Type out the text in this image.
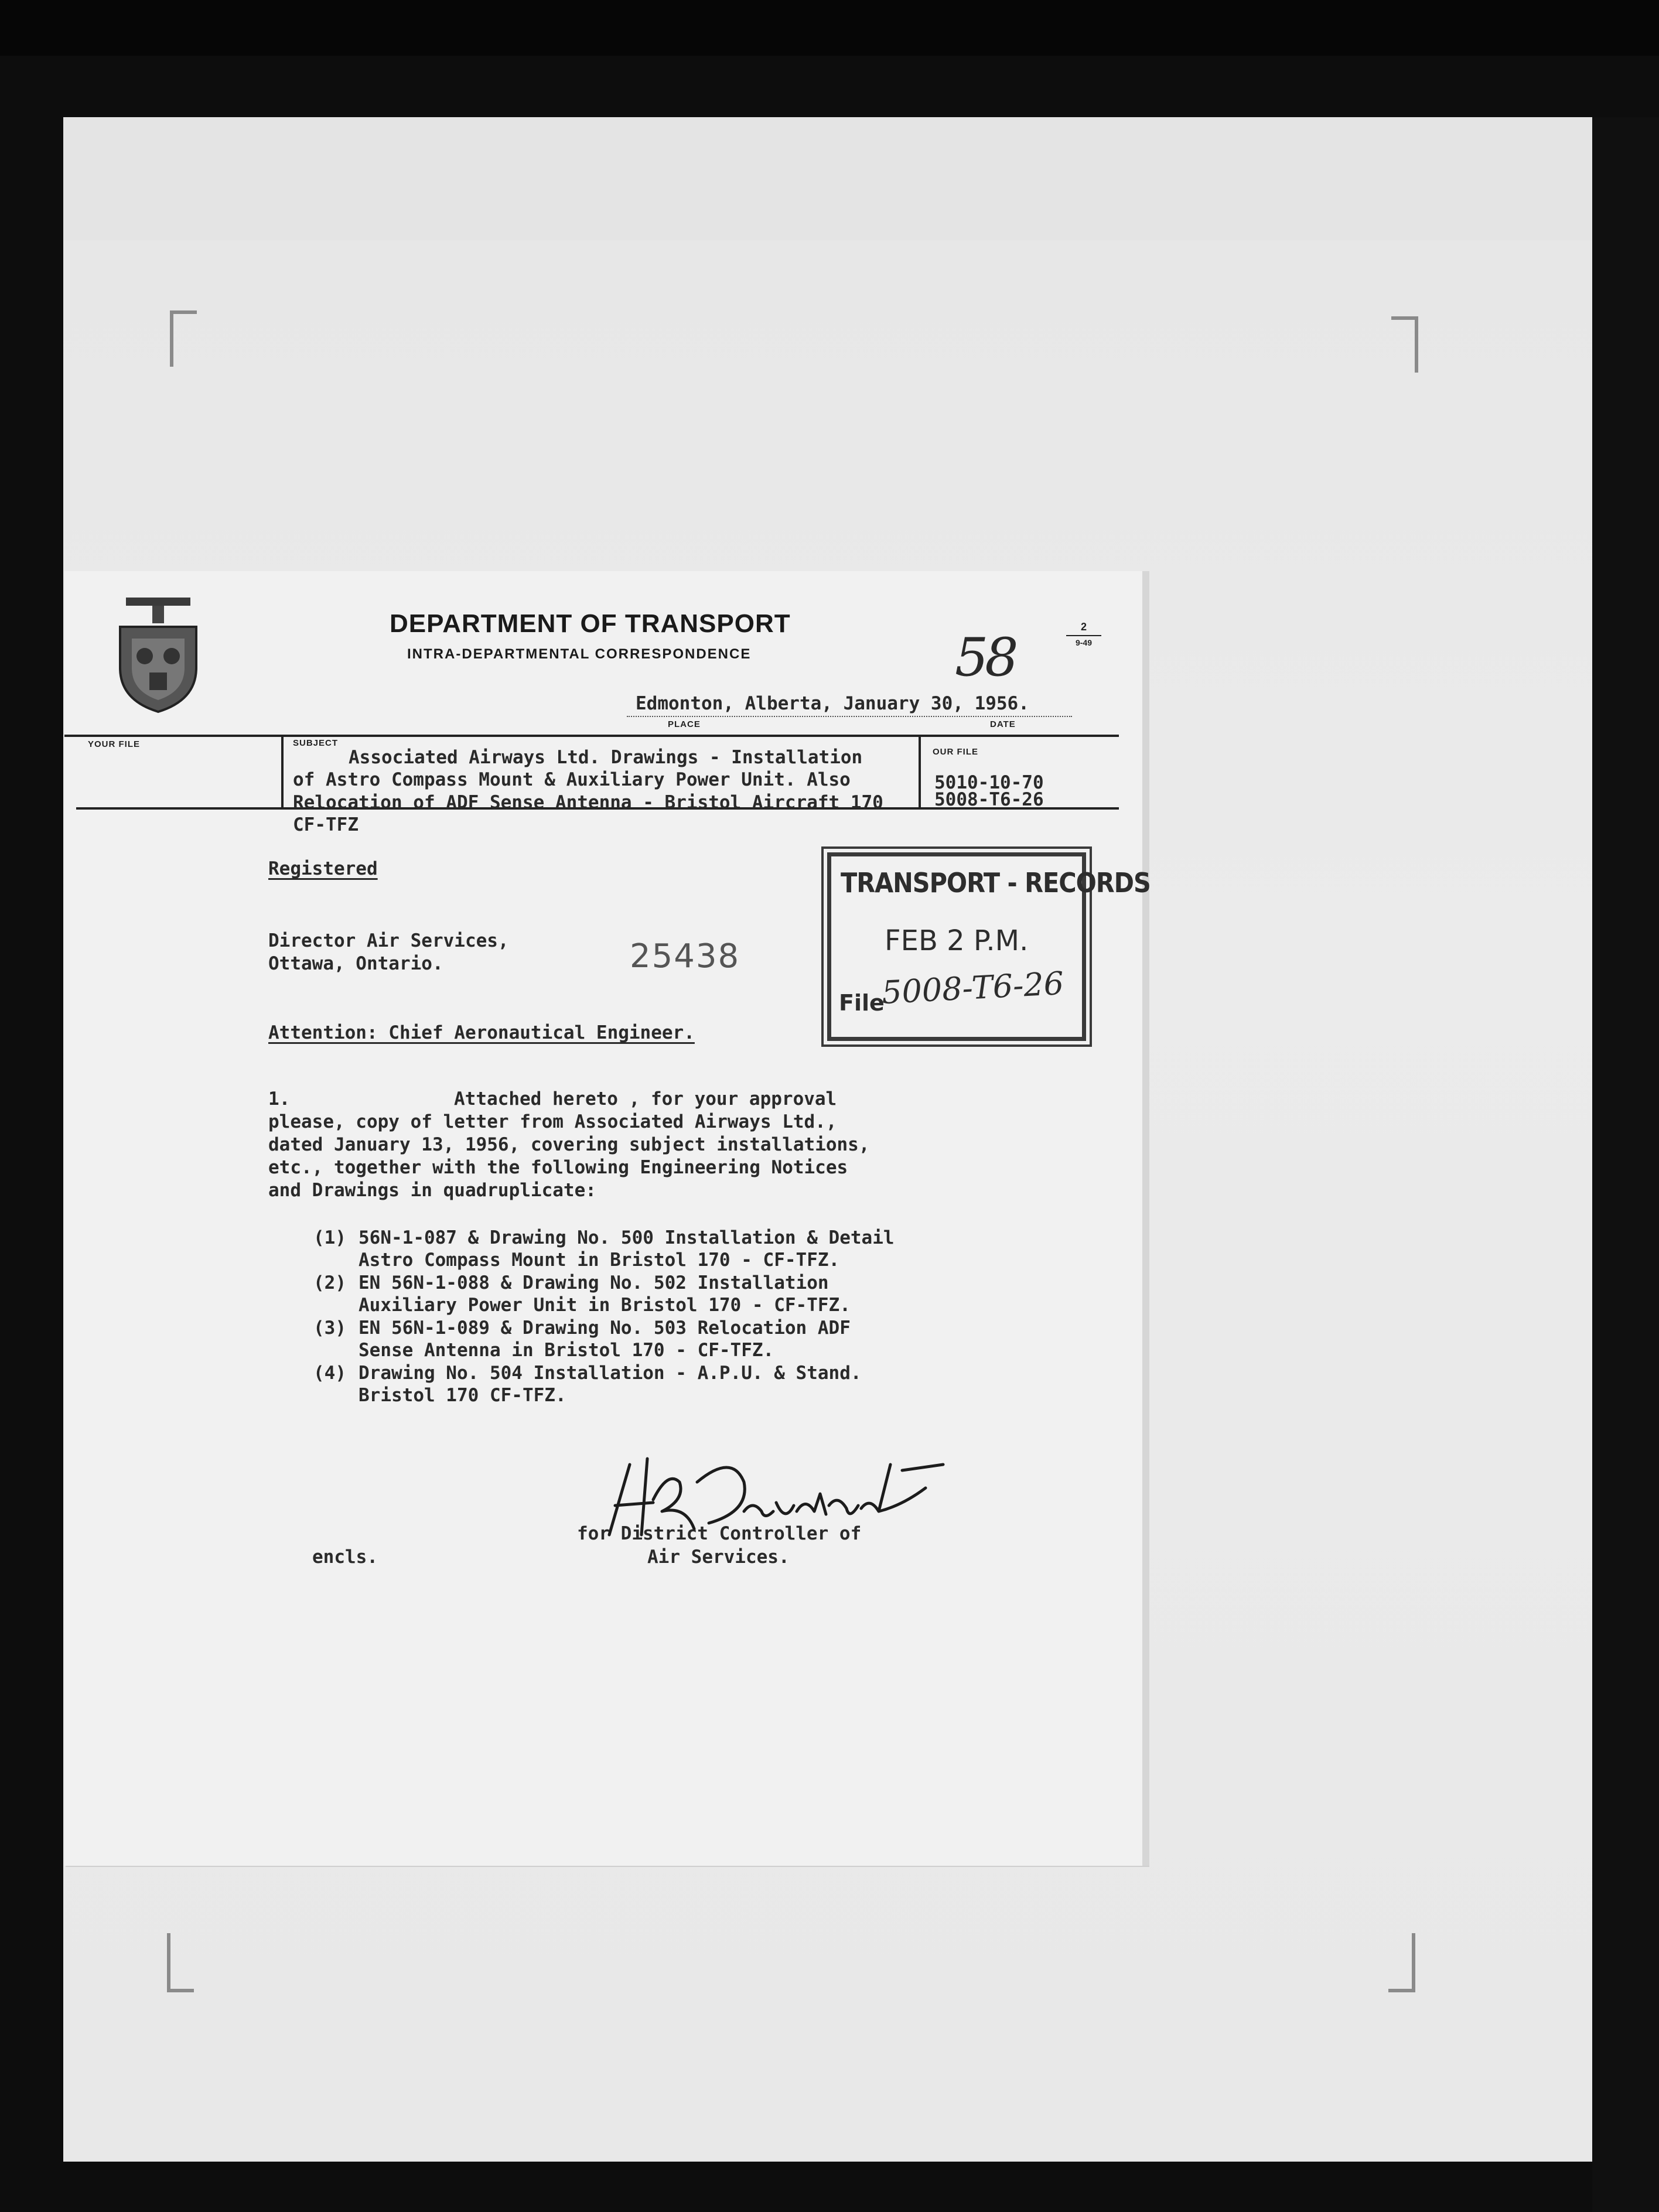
DEPARTMENT OF TRANSPORT
INTRA-DEPARTMENTAL CORRESPONDENCE	58	2
9-49
Edmonton, Alberta, January 30, 1956.
PLACE	DATE
YOUR FILE	SUBJECT
OUR FILE
Associated Airways Ltd. Drawings - Installation
of Astro Compass Mount & Auxiliary Power Unit. Also
Relocation of ADF Sense Antenna - Bristol Aircraft 170
CF-TFZ
5010-10-70
5008-T6-26
TRANSPORT - RECORDS
FEB 2 P.M.
File
5008-T6-26
25438
Registered
Director Air Services,
Ottawa, Ontario.
Attention: Chief Aeronautical Engineer.
1.	Attached hereto , for your approval
please, copy of letter from Associated Airways Ltd.,
dated January 13, 1956, covering subject installations,
etc., together with the following Engineering Notices
and Drawings in quadruplicate:
(1) 56N-1-087 & Drawing No. 500 Installation & Detail
Astro Compass Mount in Bristol 170 - CF-TFZ.
(2) EN 56N-1-088 & Drawing No. 502 Installation
Auxiliary Power Unit in Bristol 170 - CF-TFZ.
(3) EN 56N-1-089 & Drawing No. 503 Relocation ADF
Sense Antenna in Bristol 170 - CF-TFZ.
(4) Drawing No. 504 Installation - A.P.U. & Stand.
Bristol 170 CF-TFZ.
for District Controller of
Air Services.
encls.
